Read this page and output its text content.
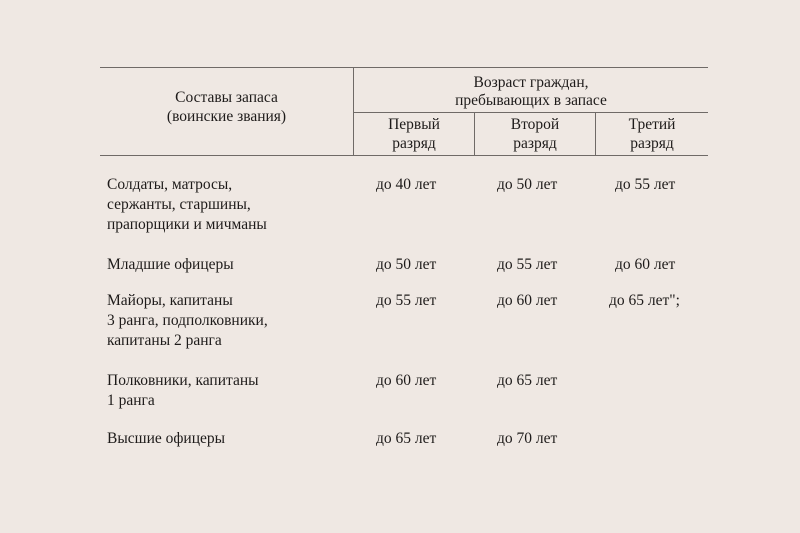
Составы запаса
(воинские звания)
Возраст граждан,
пребывающих в запасе
Первый
разряд
Второй
разряд
Третий
разряд
Солдаты, матросы,
сержанты, старшины,
прапорщики и мичманы
до 40 лет	до 50 лет	до 55 лет
Младшие офицеры	до 50 лет	до 55 лет	до 60 лет
Майоры, капитаны
3 ранга, подполковники,
капитаны 2 ранга
до 55 лет	до 60 лет	до 65 лет";
Полковники, капитаны
1 ранга
до 60 лет	до 65 лет
Высшие офицеры	до 65 лет	до 70 лет
